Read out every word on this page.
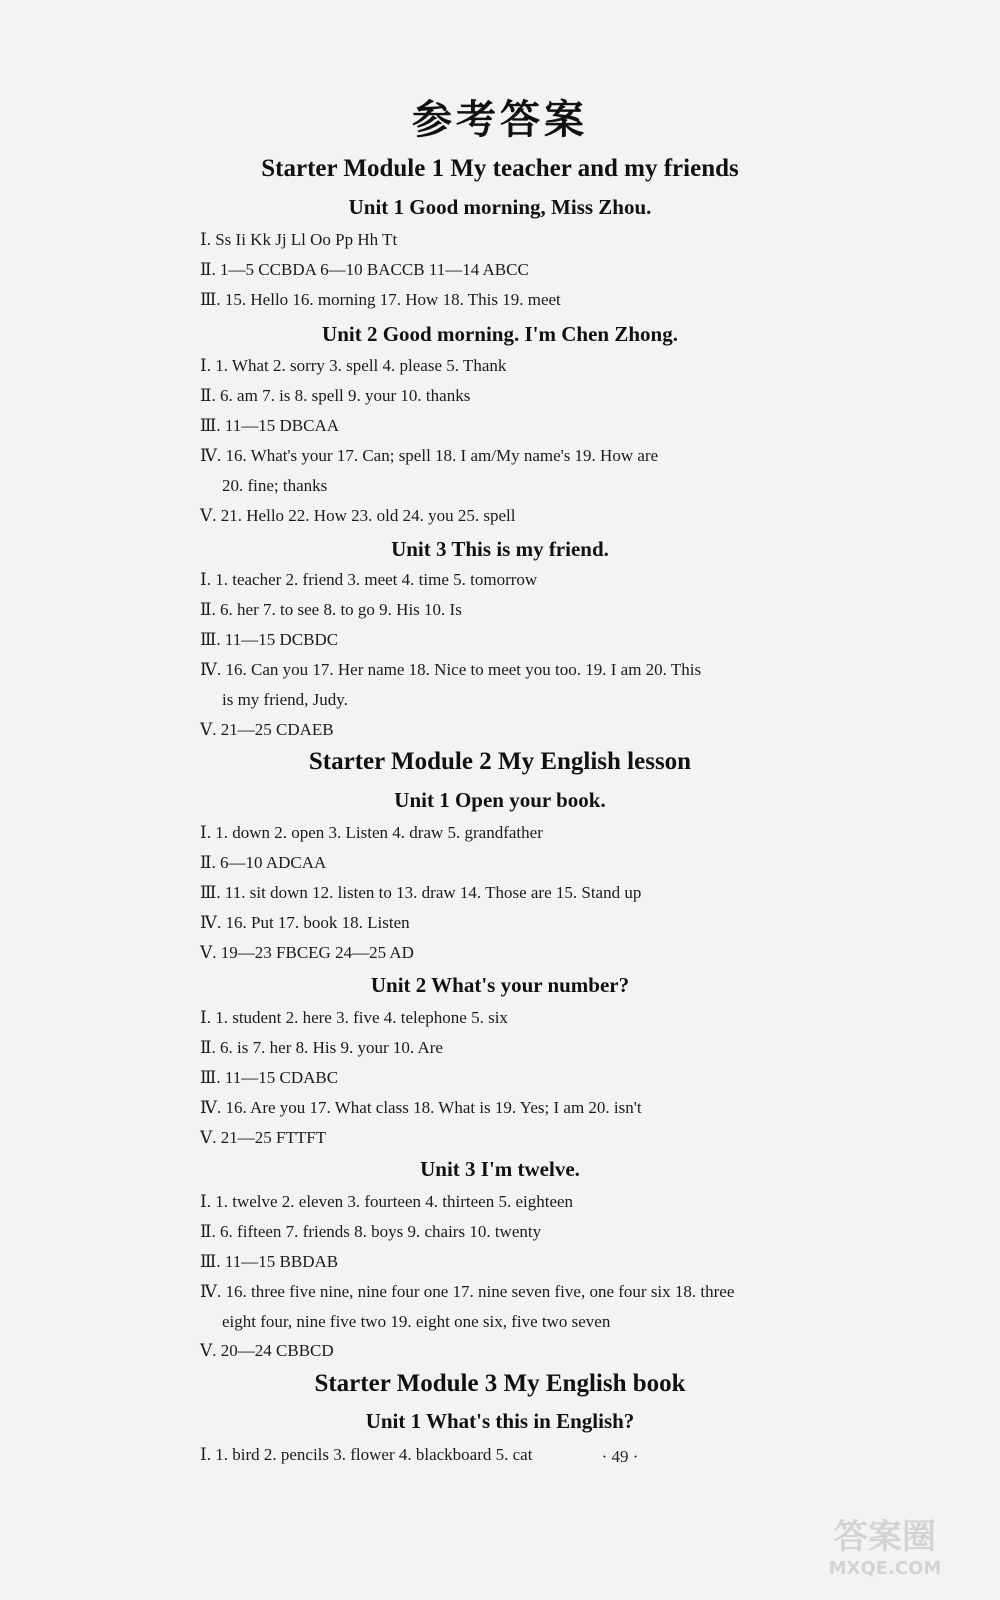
参考答案
Starter Module 1 My teacher and my friends
Unit 1 Good morning, Miss Zhou.
Ⅰ. Ss Ii Kk Jj Ll Oo Pp Hh Tt
Ⅱ. 1—5 CCBDA 6—10 BACCB 11—14 ABCC
Ⅲ. 15. Hello 16. morning 17. How 18. This 19. meet
Unit 2 Good morning. I'm Chen Zhong.
Ⅰ. 1. What 2. sorry 3. spell 4. please 5. Thank
Ⅱ. 6. am 7. is 8. spell 9. your 10. thanks
Ⅲ. 11—15 DBCAA
Ⅳ. 16. What's your 17. Can; spell 18. I am/My name's 19. How are
20. fine; thanks
Ⅴ. 21. Hello 22. How 23. old 24. you 25. spell
Unit 3 This is my friend.
Ⅰ. 1. teacher 2. friend 3. meet 4. time 5. tomorrow
Ⅱ. 6. her 7. to see 8. to go 9. His 10. Is
Ⅲ. 11—15 DCBDC
Ⅳ. 16. Can you 17. Her name 18. Nice to meet you too. 19. I am 20. This
is my friend, Judy.
Ⅴ. 21—25 CDAEB
Starter Module 2 My English lesson
Unit 1 Open your book.
Ⅰ. 1. down 2. open 3. Listen 4. draw 5. grandfather
Ⅱ. 6—10 ADCAA
Ⅲ. 11. sit down 12. listen to 13. draw 14. Those are 15. Stand up
Ⅳ. 16. Put 17. book 18. Listen
Ⅴ. 19—23 FBCEG 24—25 AD
Unit 2 What's your number?
Ⅰ. 1. student 2. here 3. five 4. telephone 5. six
Ⅱ. 6. is 7. her 8. His 9. your 10. Are
Ⅲ. 11—15 CDABC
Ⅳ. 16. Are you 17. What class 18. What is 19. Yes; I am 20. isn't
Ⅴ. 21—25 FTTFT
Unit 3 I'm twelve.
Ⅰ. 1. twelve 2. eleven 3. fourteen 4. thirteen 5. eighteen
Ⅱ. 6. fifteen 7. friends 8. boys 9. chairs 10. twenty
Ⅲ. 11—15 BBDAB
Ⅳ. 16. three five nine, nine four one 17. nine seven five, one four six 18. three
eight four, nine five two 19. eight one six, five two seven
Ⅴ. 20—24 CBBCD
Starter Module 3 My English book
Unit 1 What's this in English?
Ⅰ. 1. bird 2. pencils 3. flower 4. blackboard 5. cat	· 49 ·
答案圈
MXQE.COM
